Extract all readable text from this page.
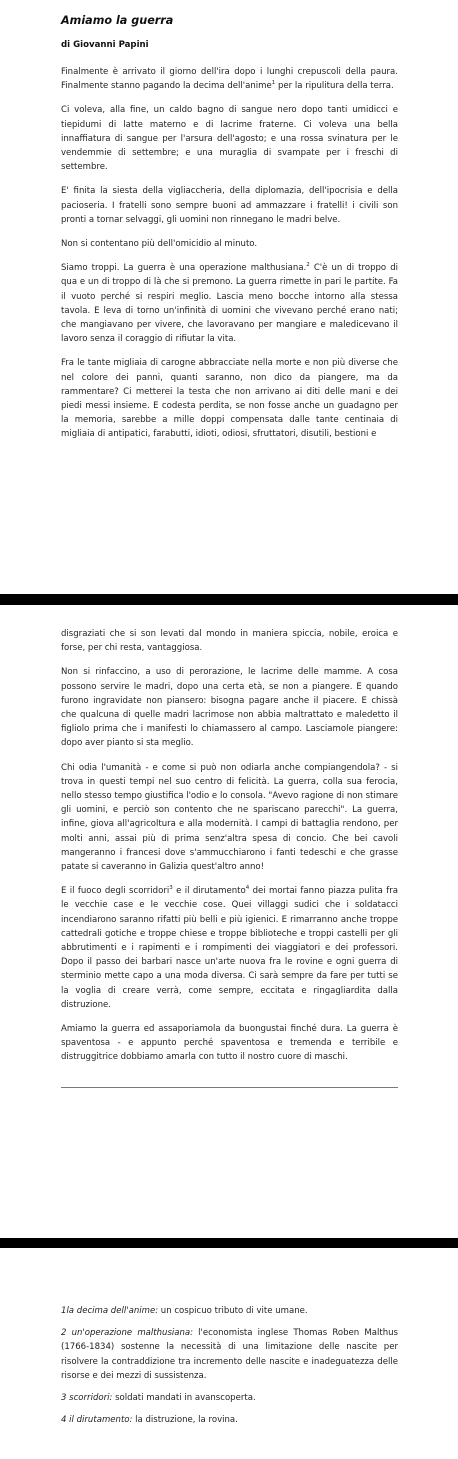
Amiamo la guerra
di Giovanni Papini

Finalmente è arrivato il giorno dell'ira dopo i lunghi crepuscoli della paura. Finalmente stanno pagando la decima dell'anime$^1$ per la ripulitura della terra.

Ci voleva, alla fine, un caldo bagno di sangue nero dopo tanti umidicci e tiepidumi di latte materno e di lacrime fraterne. Ci voleva una bella innaffiatura di sangue per l'arsura dell'agosto; e una rossa svinatura per le vendemmie di settembre; e una muraglia di svampate per i freschi di settembre.

E' finita la siesta della vigliaccheria, della diplomazia, dell'ipocrisia e della pacioseria. I fratelli sono sempre buoni ad ammazzare i fratelli! i civili son pronti a tornar selvaggi, gli uomini non rinnegano le madri belve.

Non si contentano più dell'omicidio al minuto.

Siamo troppi. La guerra è una operazione malthusiana.$^2$ C'è un di troppo di qua e un di troppo di là che si premono. La guerra rimette in pari le partite. Fa il vuoto perché si respiri meglio. Lascia meno bocche intorno alla stessa tavola. E leva di torno un'infinità di uomini che vivevano perché erano nati; che mangiavano per vivere, che lavoravano per mangiare e maledicevano il lavoro senza il coraggio di rifiutar la vita.

Fra le tante migliaia di carogne abbracciate nella morte e non più diverse che nel colore dei panni, quanti saranno, non dico da piangere, ma da rammentare? Ci metterei la testa che non arrivano ai diti delle mani e dei piedi messi insieme. E codesta perdita, se non fosse anche un guadagno per la memoria, sarebbe a mille doppi compensata dalle tante centinaia di migliaia di antipatici, farabutti, idioti, odiosi, sfruttatori, disutili, bestioni e

disgraziati che si son levati dal mondo in maniera spiccia, nobile, eroica e forse, per chi resta, vantaggiosa.

Non si rinfaccino, a uso di perorazione, le lacrime delle mamme. A cosa possono servire le madri, dopo una certa età, se non a piangere. E quando furono ingravidate non piansero: bisogna pagare anche il piacere. E chissà che qualcuna di quelle madri lacrimose non abbia maltrattato e maledetto il figliolo prima che i manifesti lo chiamassero al campo. Lasciamole piangere: dopo aver pianto si sta meglio.

Chi odia l'umanità - e come si può non odiarla anche compiangendola? - si trova in questi tempi nel suo centro di felicità. La guerra, colla sua ferocia, nello stesso tempo giustifica l'odio e lo consola. "Avevo ragione di non stimare gli uomini, e perciò son contento che ne spariscano parecchi". La guerra, infine, giova all'agricoltura e alla modernità. I campi di battaglia rendono, per molti anni, assai più di prima senz'altra spesa di concio. Che bei cavoli mangeranno i francesi dove s'ammucchiarono i fanti tedeschi e che grasse patate si caveranno in Galizia quest'altro anno!

E il fuoco degli scorridori$^3$ e il dirutamento$^4$ dei mortai fanno piazza pulita fra le vecchie case e le vecchie cose. Quei villaggi sudici che i soldatacci incendiarono saranno rifatti più belli e più igienici. E rimarranno anche troppe cattedrali gotiche e troppe chiese e troppe biblioteche e troppi castelli per gli abbrutimenti e i rapimenti e i rompimenti dei viaggiatori e dei professori. Dopo il passo dei barbari nasce un'arte nuova fra le rovine e ogni guerra di sterminio mette capo a una moda diversa. Ci sarà sempre da fare per tutti se la voglia di creare verrà, come sempre, eccitata e ringagliardita dalla distruzione.

Amiamo la guerra ed assaporiamola da buongustai finché dura. La guerra è spaventosa - e appunto perché spaventosa e tremenda e terribile e distruggitrice dobbiamo amarla con tutto il nostro cuore di maschi.

1la decima dell'anime: un cospicuo tributo di vite umane.

2 un'operazione malthusiana: l'economista inglese Thomas Roben Malthus (1766-1834) sostenne la necessità di una limitazione delle nascite per risolvere la contraddizione tra incremento delle nascite e inadeguatezza delle risorse e dei mezzi di sussistenza.

3 scorridori: soldati mandati in avanscoperta.

4 il dirutamento: la distruzione, la rovina.
